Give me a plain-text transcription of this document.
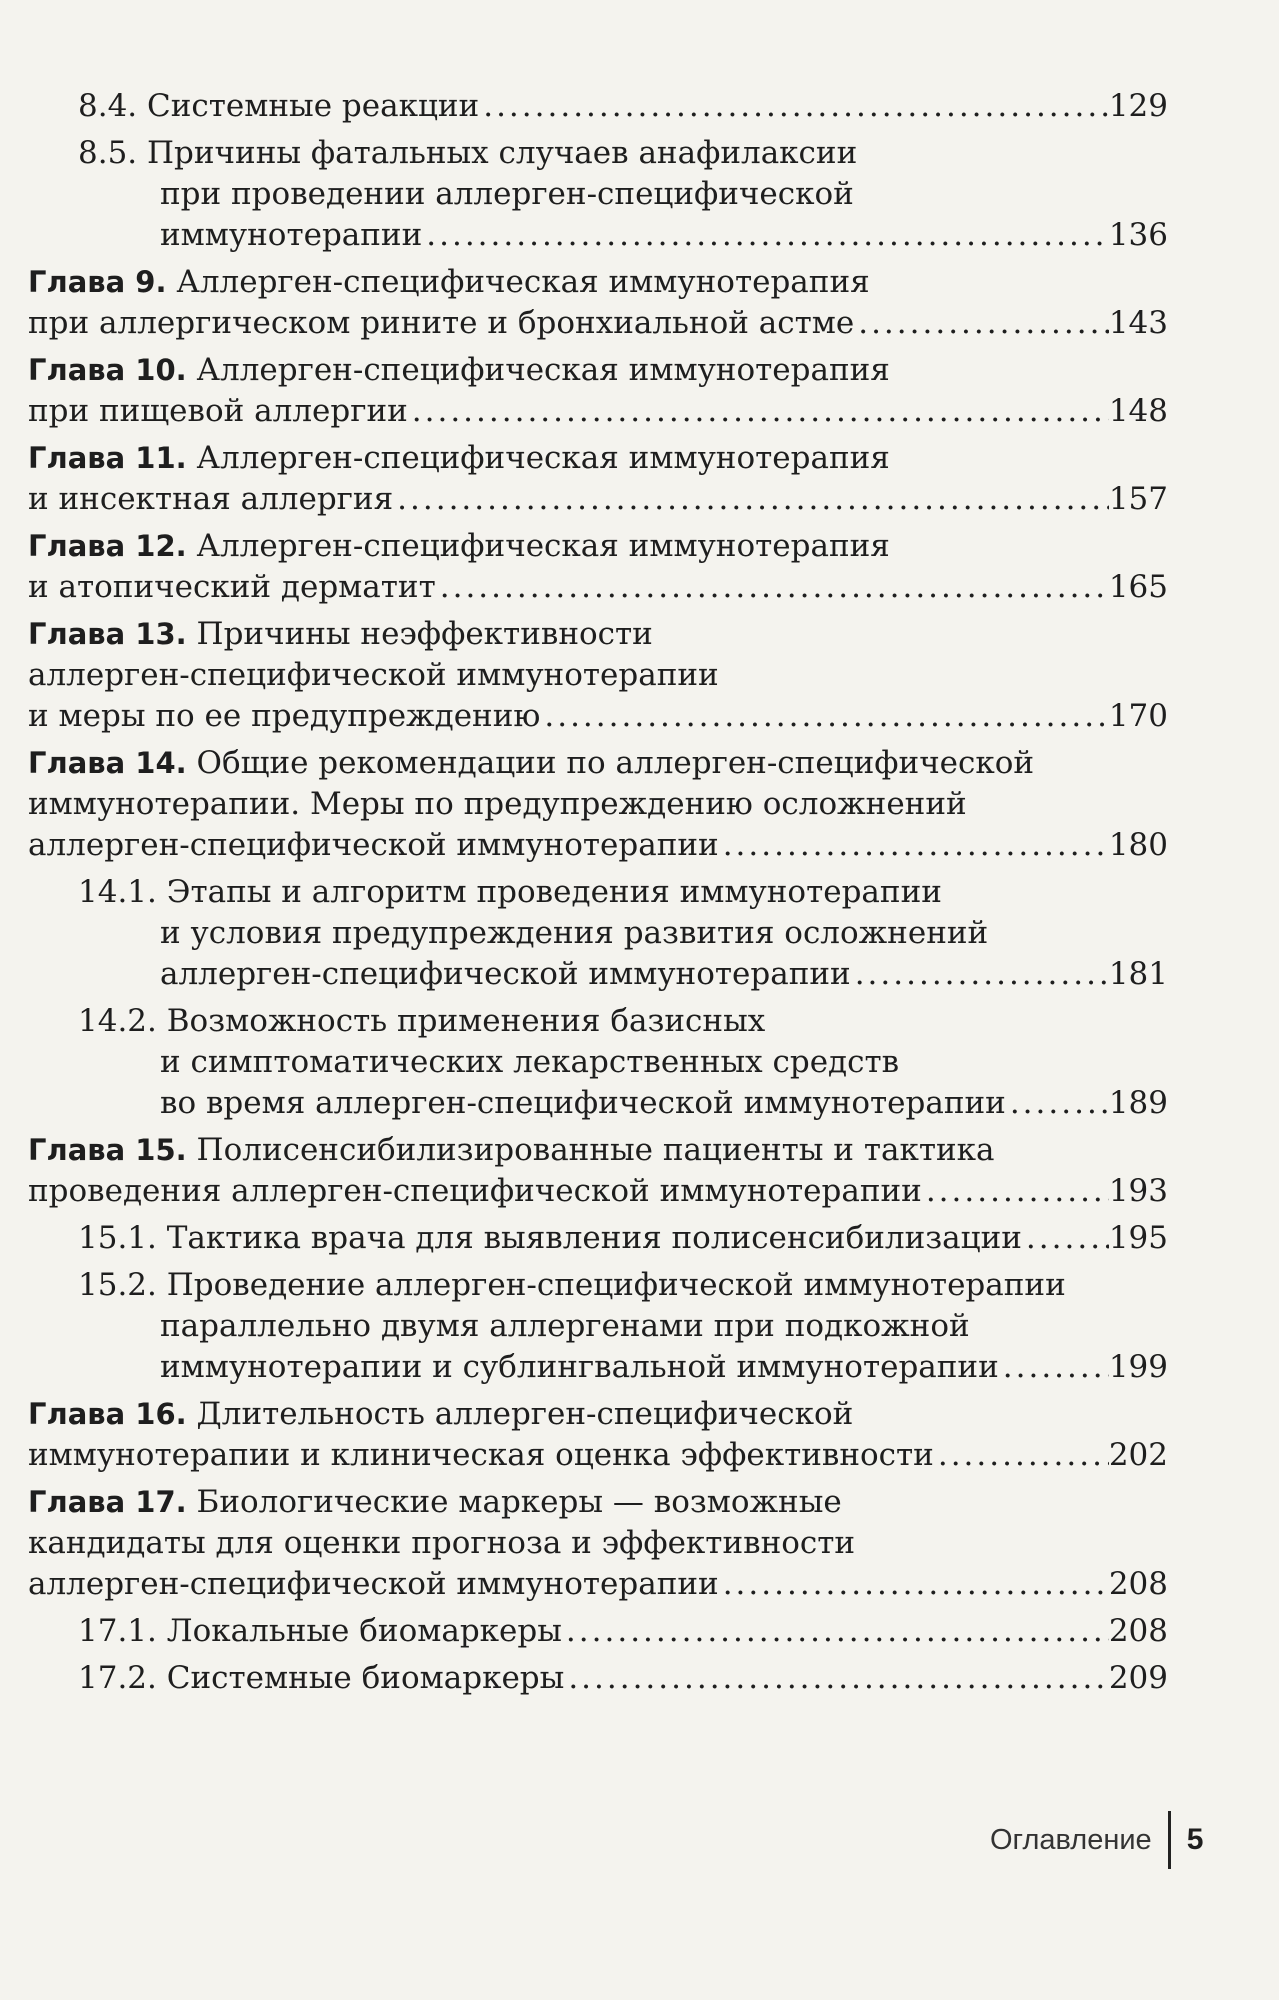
8.4. Системные реакции .....	129
8.5. Причины фатальных случаев анафилаксии
при проведении аллерген-специфической
иммунотерапии .....	136
Глава 9. Аллерген-специфическая иммунотерапия
при аллергическом рините и бронхиальной астме .....	143
Глава 10. Аллерген-специфическая иммунотерапия
при пищевой аллергии .....	148
Глава 11. Аллерген-специфическая иммунотерапия
и инсектная аллергия .....	157
Глава 12. Аллерген-специфическая иммунотерапия
и атопический дерматит .....	165
Глава 13. Причины неэффективности
аллерген-специфической иммунотерапии
и меры по ее предупреждению .....	170
Глава 14. Общие рекомендации по аллерген-специфической
иммунотерапии. Меры по предупреждению осложнений
аллерген-специфической иммунотерапии .....	180
14.1. Этапы и алгоритм проведения иммунотерапии
и условия предупреждения развития осложнений
аллерген-специфической иммунотерапии .....	181
14.2. Возможность применения базисных
и симптоматических лекарственных средств
во время аллерген-специфической иммунотерапии .....	189
Глава 15. Полисенсибилизированные пациенты и тактика
проведения аллерген-специфической иммунотерапии .....	193
15.1. Тактика врача для выявления полисенсибилизации .....	195
15.2. Проведение аллерген-специфической иммунотерапии
параллельно двумя аллергенами при подкожной
иммунотерапии и сублингвальной иммунотерапии .....	199
Глава 16. Длительность аллерген-специфической
иммунотерапии и клиническая оценка эффективности .....	202
Глава 17. Биологические маркеры — возможные
кандидаты для оценки прогноза и эффективности
аллерген-специфической иммунотерапии .....	208
17.1. Локальные биомаркеры .....	208
17.2. Системные биомаркеры .....	209
Оглавление	5
